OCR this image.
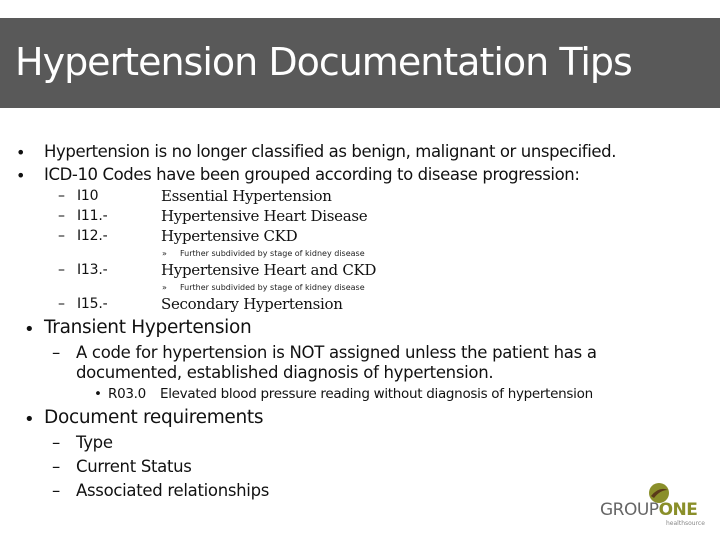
Hypertension Documentation Tips
• Hypertension is no longer classified as benign, malignant or unspecified.
• ICD-10 Codes have been grouped according to disease progression:
– I10	Essential Hypertension
– I11.-	Hypertensive Heart Disease
– I12.-	Hypertensive CKD
» Further subdivided by stage of kidney disease
– I13.-	Hypertensive Heart and CKD
» Further subdivided by stage of kidney disease
– I15.-	Secondary Hypertension
• Transient Hypertension
– A code for hypertension is NOT assigned unless the patient has a
documented, established diagnosis of hypertension.
• R03.0 Elevated blood pressure reading without diagnosis of hypertension
• Document requirements
– Type
– Current Status
– Associated relationships
GROUPONE
healthsource
